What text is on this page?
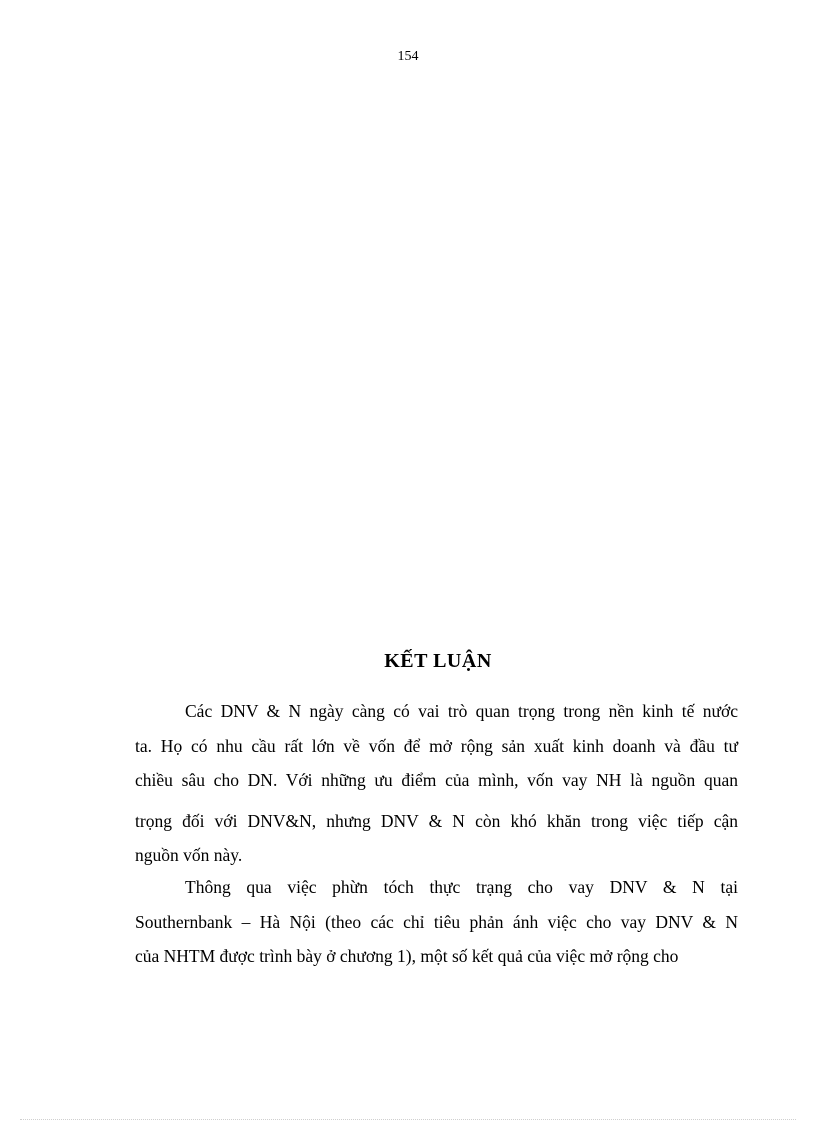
154
KẾT LUẬN
Các DNV & N ngày càng có vai trò quan trọng trong nền kinh tế nước
ta. Họ có nhu cầu rất lớn về vốn để mở rộng sản xuất kinh doanh và đầu tư
chiều sâu cho DN. Với những ưu điểm của mình, vốn vay NH là nguồn quan
trọng đối với DNV&N, nhưng DNV & N còn khó khăn trong việc tiếp cận
nguồn vốn này.
Thông qua việc phừn tóch thực trạng cho vay DNV & N tại
Southernbank – Hà Nội (theo các chỉ tiêu phản ánh việc cho vay DNV & N
của NHTM được trình bày ở chương 1), một số kết quả của việc mở rộng cho
